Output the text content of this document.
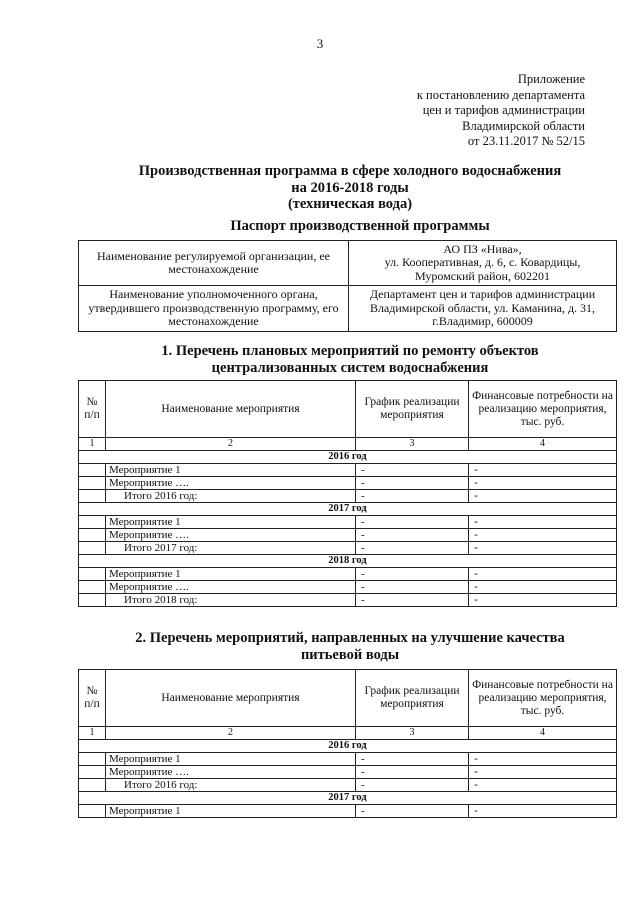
3
Приложение
к постановлению департамента
цен и тарифов администрации
Владимирской области
от 23.11.2017 № 52/15
Производственная программа в сфере холодного водоснабжения
на 2016-2018 годы
(техническая вода)
Паспорт производственной программы
Наименование регулируемой организации, ее местонахождение	АО ПЗ «Нива»,
ул. Кооперативная, д. 6, с. Ковардицы,
Муромский район, 602201

Наименование уполномоченного органа, утвердившего производственную программу, его местонахождение	Департамент цен и тарифов администрации
Владимирской области, ул. Каманина, д. 31,
г.Владимир, 600009
1. Перечень плановых мероприятий по ремонту объектов
централизованных систем водоснабжения
№ п/п	Наименование мероприятия	График реализации мероприятия	Финансовые потребности на реализацию мероприятия, тыс. руб.
1	2	3	4
2016 год			
	Мероприятие 1	-	-
	Мероприятие ….	-	-
	Итого 2016 год:	-	-
2017 год			
	Мероприятие 1	-	-
	Мероприятие ….	-	-
	Итого 2017 год:	-	-
2018 год			
	Мероприятие 1	-	-
	Мероприятие ….	-	-
	Итого 2018 год:	-	-
2. Перечень мероприятий, направленных на улучшение качества
питьевой воды
№ п/п	Наименование мероприятия	График реализации мероприятия	Финансовые потребности на реализацию мероприятия, тыс. руб.
1	2	3	4
2016 год			
	Мероприятие 1	-	-
	Мероприятие ….	-	-
	Итого 2016 год:	-	-
2017 год			
	Мероприятие 1	-	-
